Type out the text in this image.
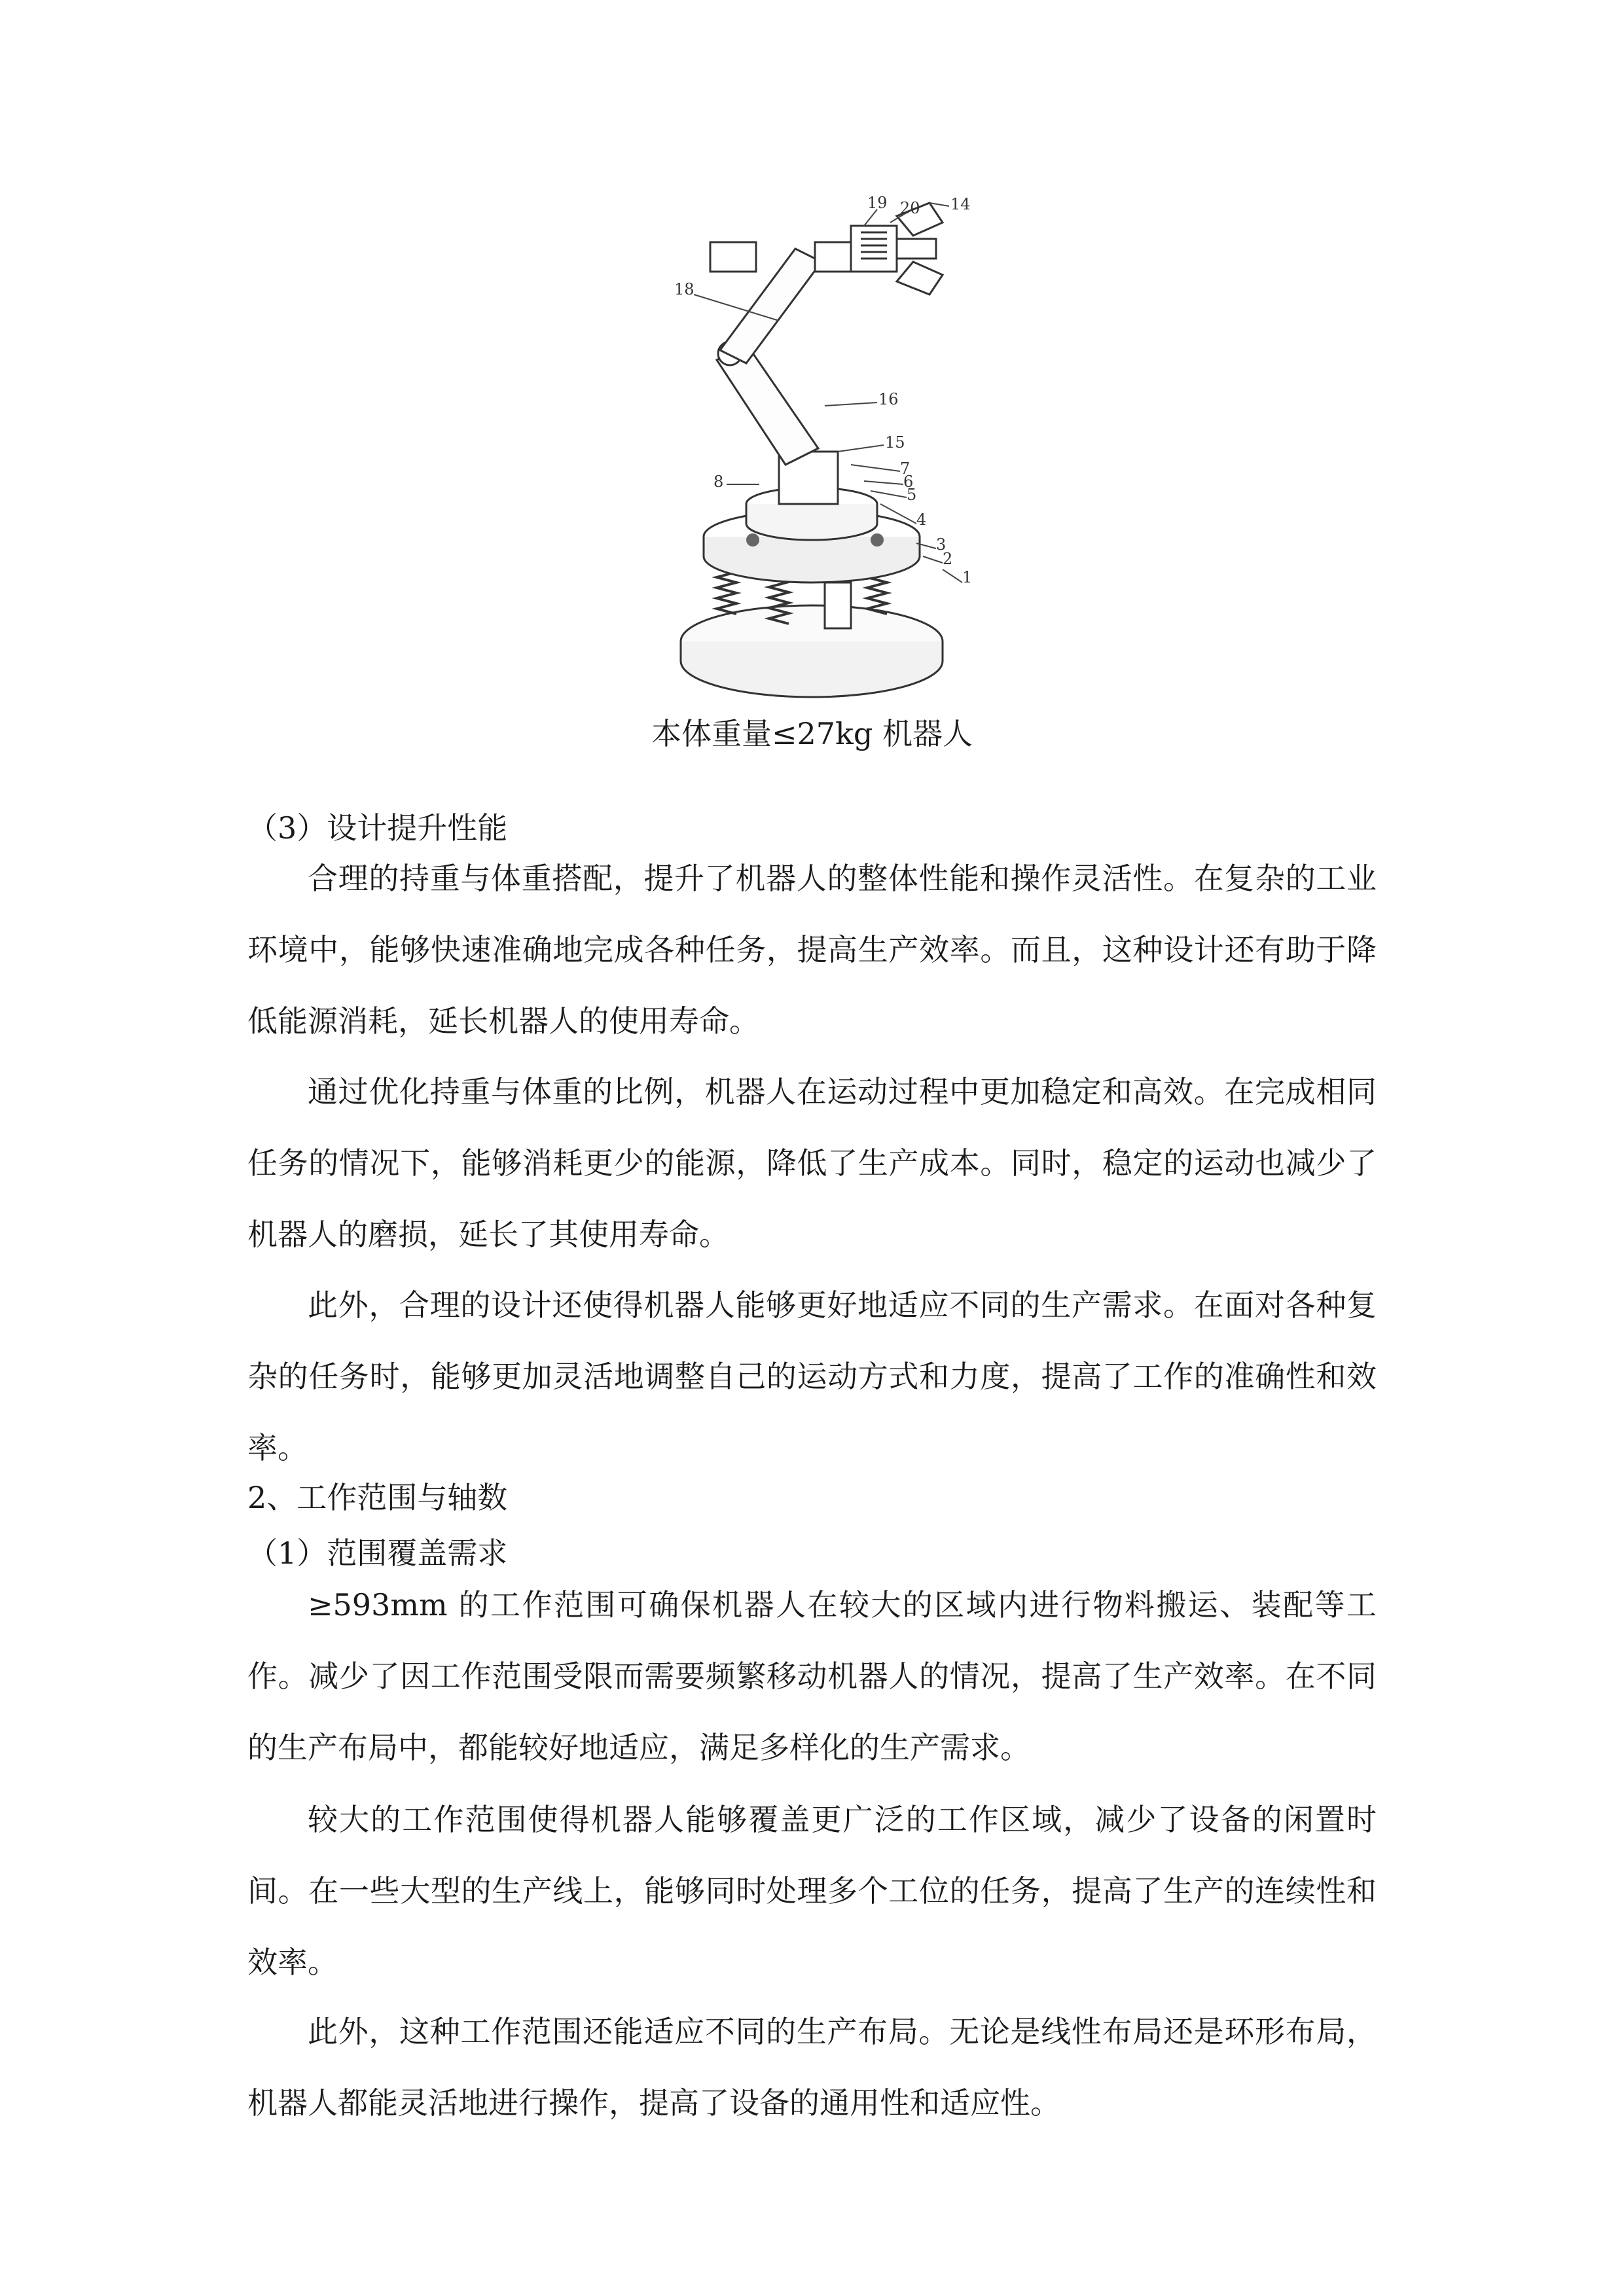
1
2
3
4
5
6
7
8
14
15
16
18
19 20
本体重量≤27kg 机器人
（3）设计提升性能
合理的持重与体重搭配，提升了机器人的整体性能和操作灵活性。在复杂的工业环境中，能够快速准确地完成各种任务，提高生产效率。而且，这种设计还有助于降低能源消耗，延长机器人的使用寿命。
通过优化持重与体重的比例，机器人在运动过程中更加稳定和高效。在完成相同任务的情况下，能够消耗更少的能源，降低了生产成本。同时，稳定的运动也减少了机器人的磨损，延长了其使用寿命。
此外，合理的设计还使得机器人能够更好地适应不同的生产需求。在面对各种复杂的任务时，能够更加灵活地调整自己的运动方式和力度，提高了工作的准确性和效率。
2、工作范围与轴数
（1）范围覆盖需求
≥593mm 的工作范围可确保机器人在较大的区域内进行物料搬运、装配等工作。减少了因工作范围受限而需要频繁移动机器人的情况，提高了生产效率。在不同的生产布局中，都能较好地适应，满足多样化的生产需求。
较大的工作范围使得机器人能够覆盖更广泛的工作区域，减少了设备的闲置时间。在一些大型的生产线上，能够同时处理多个工位的任务，提高了生产的连续性和效率。
此外，这种工作范围还能适应不同的生产布局。无论是线性布局还是环形布局，机器人都能灵活地进行操作，提高了设备的通用性和适应性。
